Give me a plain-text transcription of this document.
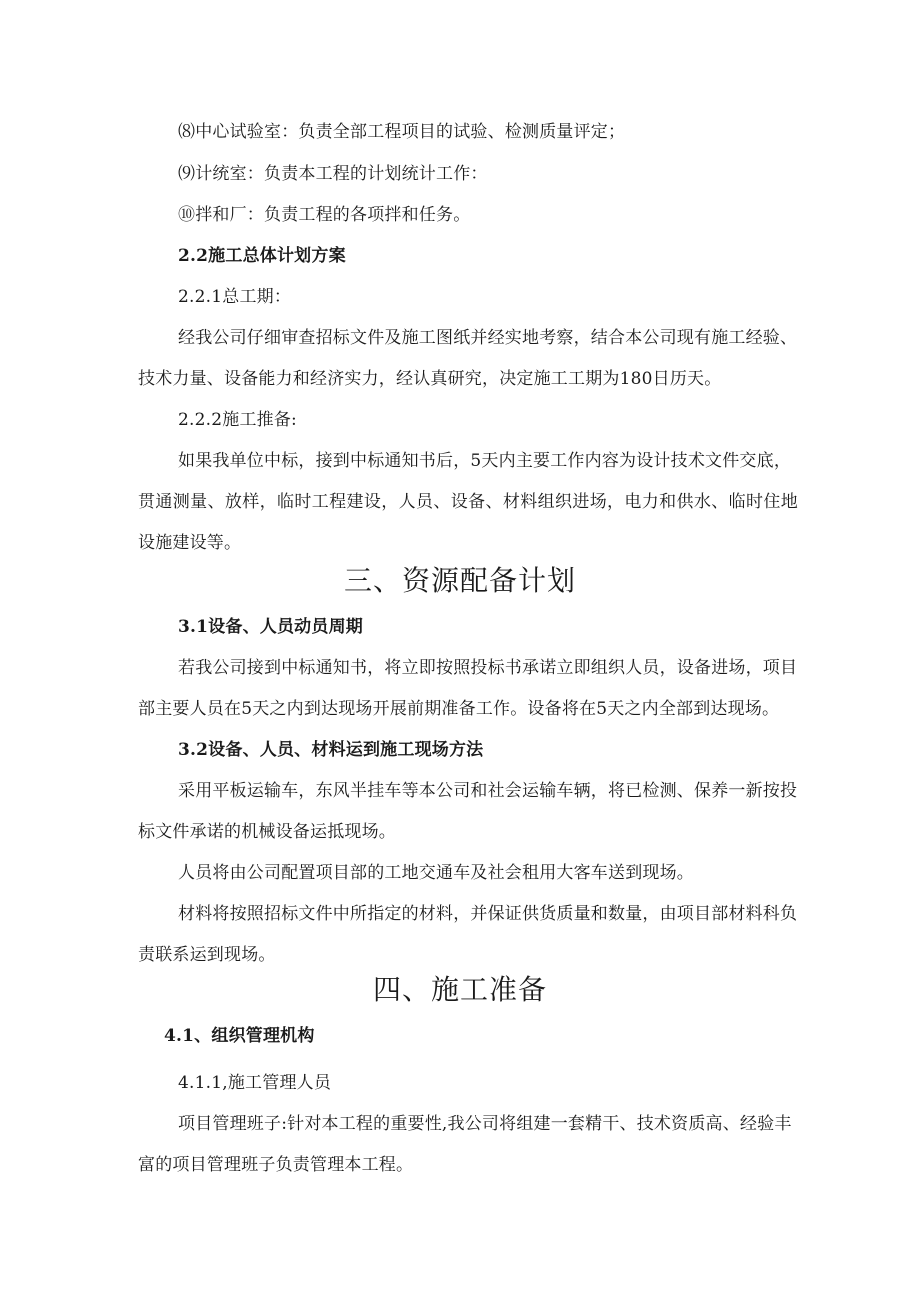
⑻中心试验室：负责全部工程项目的试验、检测质量评定；
⑼计统室：负责本工程的计划统计工作：
⑩拌和厂：负责工程的各项拌和任务。
2.2施工总体计划方案
2.2.1总工期：
经我公司仔细审查招标文件及施工图纸并经实地考察，结合本公司现有施工经验、
技术力量、设备能力和经济实力，经认真研究，决定施工工期为180日历天。
2.2.2施工推备:
如果我单位中标，接到中标通知书后，5天内主要工作内容为设计技术文件交底，
贯通测量、放样，临时工程建设，人员、设备、材料组织进场，电力和供水、临时住地
设施建设等。
三、资源配备计划
3.1设备、人员动员周期
若我公司接到中标通知书，将立即按照投标书承诺立即组织人员，设备进场，项目
部主要人员在5天之内到达现场开展前期准备工作。设备将在5天之内全部到达现场。
3.2设备、人员、材料运到施工现场方法
采用平板运输车，东风半挂车等本公司和社会运输车辆，将已检测、保养一新按投
标文件承诺的机械设备运抵现场。
人员将由公司配置项目部的工地交通车及社会租用大客车送到现场。
材料将按照招标文件中所指定的材料，并保证供货质量和数量，由项目部材料科负
责联系运到现场。
四、施工准备
4.1、组织管理机构
4.1.1,施工管理人员
项目管理班子:针对本工程的重要性,我公司将组建一套精干、技术资质高、经验丰
富的项目管理班子负责管理本工程。
